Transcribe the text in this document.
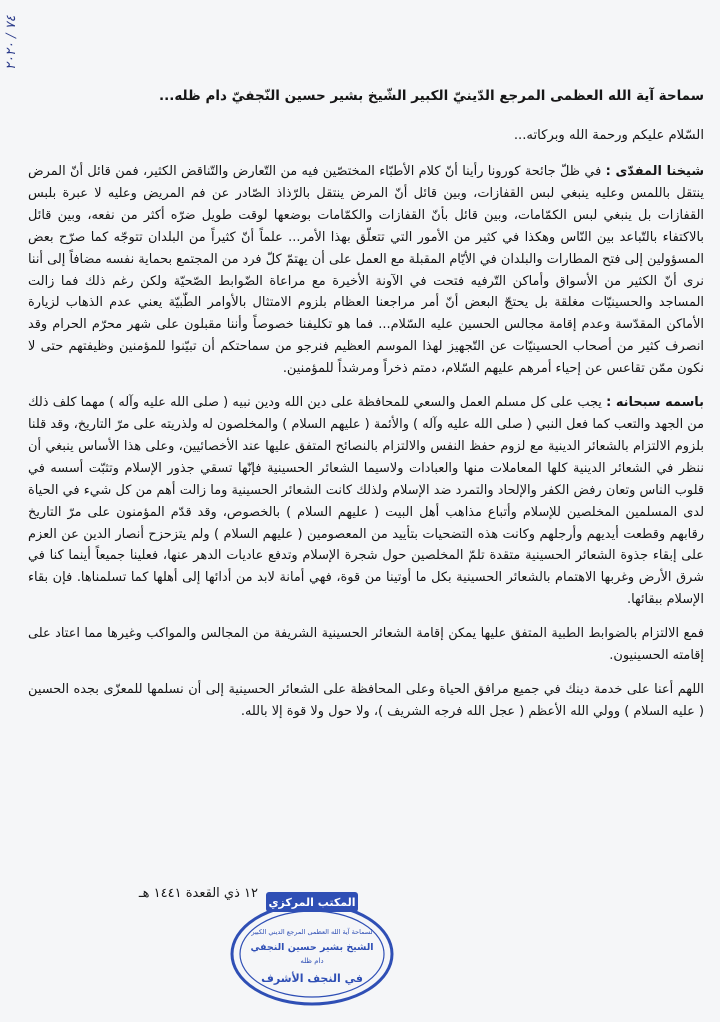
٧٤ / ٢٠٢٠

سماحة آية الله العظمى المرجع الدّينيّ الكبير الشّيخ بشير حسين النّجفيّ دام ظله...

السّلام عليكم ورحمة الله وبركاته...

شيخنا المفدّى : في ظلّ جائحة كورونا رأينا أنّ كلام الأطبّاء المختصّين فيه من التّعارض والتّناقض الكثير، فمن قائل أنّ المرض ينتقل باللمس وعليه ينبغي لبس القفازات، وبين قائل أنّ المرض ينتقل بالرّذاذ الصّادر عن فم المريض وعليه لا عبرة بلبس القفازات بل ينبغي لبس الكمّامات، وبين قائل بأنّ القفازات والكمّامات بوضعها لوقت طويل ضرّه أكثر من نفعه، وبين قائل بالاكتفاء بالتّباعد بين النّاس وهكذا في كثير من الأمور التي تتعلّق بهذا الأمر... علماً أنّ كثيراً من البلدان تتوجّه كما صرّح بعض المسؤولين إلى فتح المطارات والبلدان في الأيّام المقبلة مع العمل على أن يهتمّ كلّ فرد من المجتمع بحماية نفسه مضافاً إلى أننا نرى أنّ الكثير من الأسواق وأماكن التّرفيه فتحت في الآونة الأخيرة مع مراعاة الضّوابط الصّحيّة ولكن رغم ذلك فما زالت المساجد والحسينيّات مغلقة بل يحتجّ البعض أنّ أمر مراجعنا العظام بلزوم الامتثال بالأوامر الطّبيّة يعني عدم الذهاب لزيارة الأماكن المقدّسة وعدم إقامة مجالس الحسين عليه السّلام... فما هو تكليفنا خصوصاً وأننا مقبلون على شهر محرّم الحرام وقد انصرف كثير من أصحاب الحسينيّات عن التّجهيز لهذا الموسم العظيم فنرجو من سماحتكم أن تبيّنوا للمؤمنين وظيفتهم حتى لا نكون ممّن تقاعس عن إحياء أمرهم عليهم السّلام، دمتم ذخراً ومرشداً للمؤمنين.

باسمه سبحانه : يجب على كل مسلم العمل والسعي للمحافظة على دين الله ودين نبيه ( صلى الله عليه وآله ) مهما كلف ذلك من الجهد والتعب كما فعل النبي ( صلى الله عليه وآله ) والأئمة ( عليهم السلام ) والمخلصون له ولذريته على مرّ التاريخ، وقد قلنا بلزوم الالتزام بالشعائر الدينية مع لزوم حفظ النفس والالتزام بالنصائح المتفق عليها عند الأخصائيين، وعلى هذا الأساس ينبغي أن ننظر في الشعائر الدينية كلها المعاملات منها والعبادات ولاسيما الشعائر الحسينية فإنّها تسقي جذور الإسلام وتثبّت أسسه في قلوب الناس وتعان رفض الكفر والإلحاد والتمرد ضد الإسلام ولذلك كانت الشعائر الحسينية وما زالت أهم من كل شيء في الحياة لدى المسلمين المخلصين للإسلام وأتباع مذاهب أهل البيت ( عليهم السلام ) بالخصوص، وقد قدّم المؤمنون على مرّ التاريخ رقابهم وقطعت أيديهم وأرجلهم وكانت هذه التضحيات بتأييد من المعصومين ( عليهم السلام ) ولم يتزحزح أنصار الدين عن العزم على إبقاء جذوة الشعائر الحسينية متقدة تلمّ المخلصين حول شجرة الإسلام وتدفع عاديات الدهر عنها، فعلينا جميعاً أينما كنا في شرق الأرض وغربها الاهتمام بالشعائر الحسينية بكل ما أوتينا من قوة، فهي أمانة لابد من أدائها إلى أهلها كما تسلمناها. فإن بقاء الإسلام ببقائها.

فمع الالتزام بالضوابط الطبية المتفق عليها يمكن إقامة الشعائر الحسينية الشريفة من المجالس والمواكب وغيرها مما اعتاد على إقامته الحسينيون.

اللهم أعنا على خدمة دينك في جميع مرافق الحياة وعلى المحافظة على الشعائر الحسينية إلى أن نسلمها للمعزّى بجده الحسين ( عليه السلام ) وولي الله الأعظم ( عجل الله فرجه الشريف )، ولا حول ولا قوة إلا بالله.

١٢ ذي القعدة ١٤٤١ هـ
المكتب المركزي
لسماحة آية الله العظمى المرجع الديني الكبير
الشيخ بشير حسين النجفي
دام ظله
في النجف الأشرف
